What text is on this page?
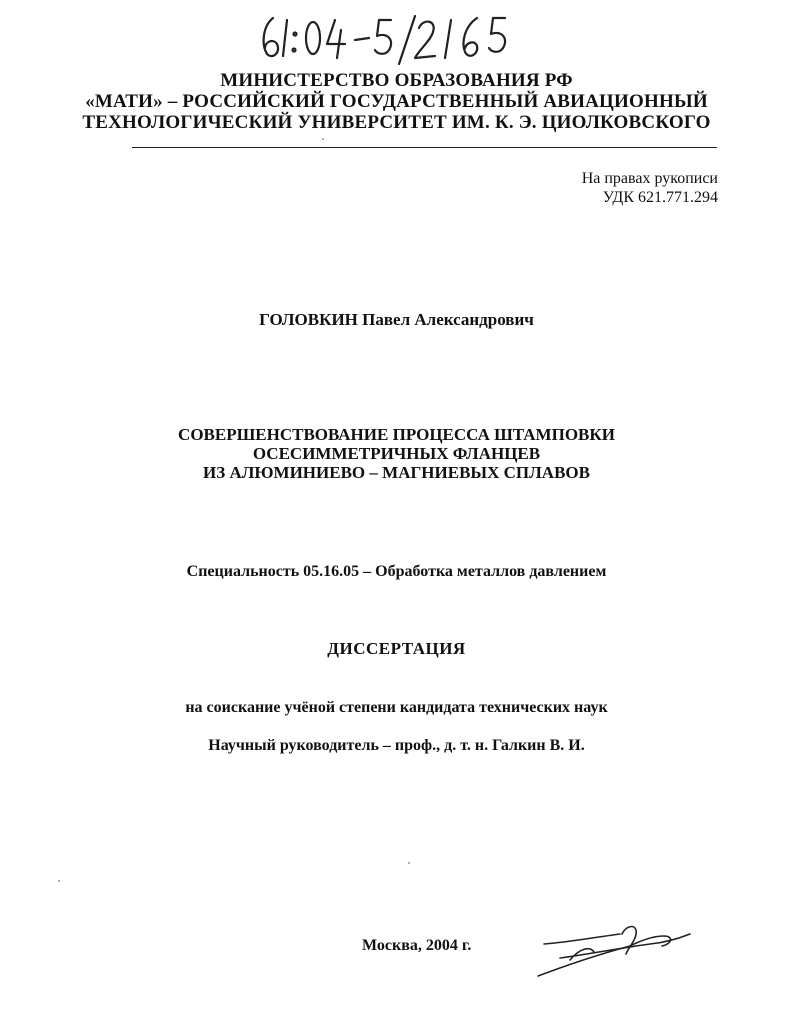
МИНИСТЕРСТВО ОБРАЗОВАНИЯ РФ
«МАТИ» – РОССИЙСКИЙ ГОСУДАРСТВЕННЫЙ АВИАЦИОННЫЙ
ТЕХНОЛОГИЧЕСКИЙ УНИВЕРСИТЕТ ИМ. К. Э. ЦИОЛКОВСКОГО
На правах рукописи
УДК 621.771.294
ГОЛОВКИН Павел Александрович
СОВЕРШЕНСТВОВАНИЕ ПРОЦЕССА ШТАМПОВКИ
ОСЕСИММЕТРИЧНЫХ ФЛАНЦЕВ
ИЗ АЛЮМИНИЕВО – МАГНИЕВЫХ СПЛАВОВ
Специальность 05.16.05 – Обработка металлов давлением
ДИССЕРТАЦИЯ
на соискание учёной степени кандидата технических наук
Научный руководитель – проф., д. т. н. Галкин В. И.
Москва, 2004 г.
